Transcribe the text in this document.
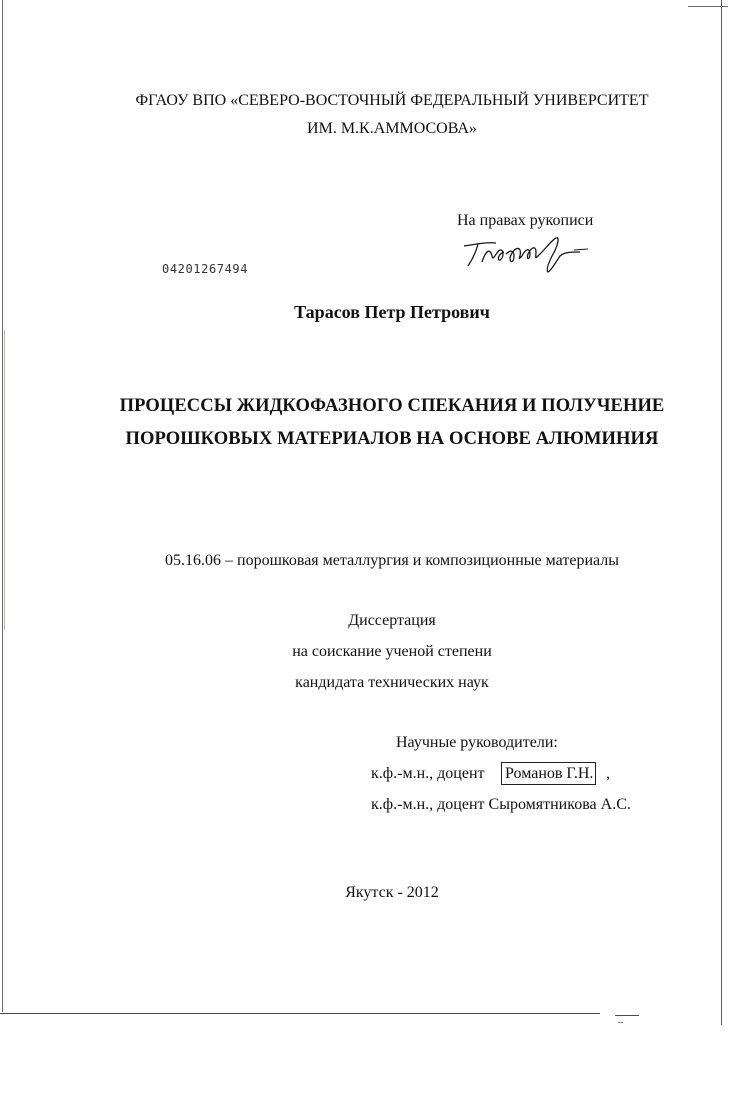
ФГАОУ ВПО «СЕВЕРО-ВОСТОЧНЫЙ ФЕДЕРАЛЬНЫЙ УНИВЕРСИТЕТ
ИМ. М.К.АММОСОВА»
На правах рукописи
04201267494
Тарасов Петр Петрович
ПРОЦЕССЫ ЖИДКОФАЗНОГО СПЕКАНИЯ И ПОЛУЧЕНИЕ
ПОРОШКОВЫХ МАТЕРИАЛОВ НА ОСНОВЕ АЛЮМИНИЯ
05.16.06 – порошковая металлургия и композиционные материалы
Диссертация
на соискание ученой степени
кандидата технических наук
Научные руководители:
к.ф.-м.н., доцент Романов Г.Н. ,
к.ф.-м.н., доцент Сыромятникова А.С.
Якутск - 2012
